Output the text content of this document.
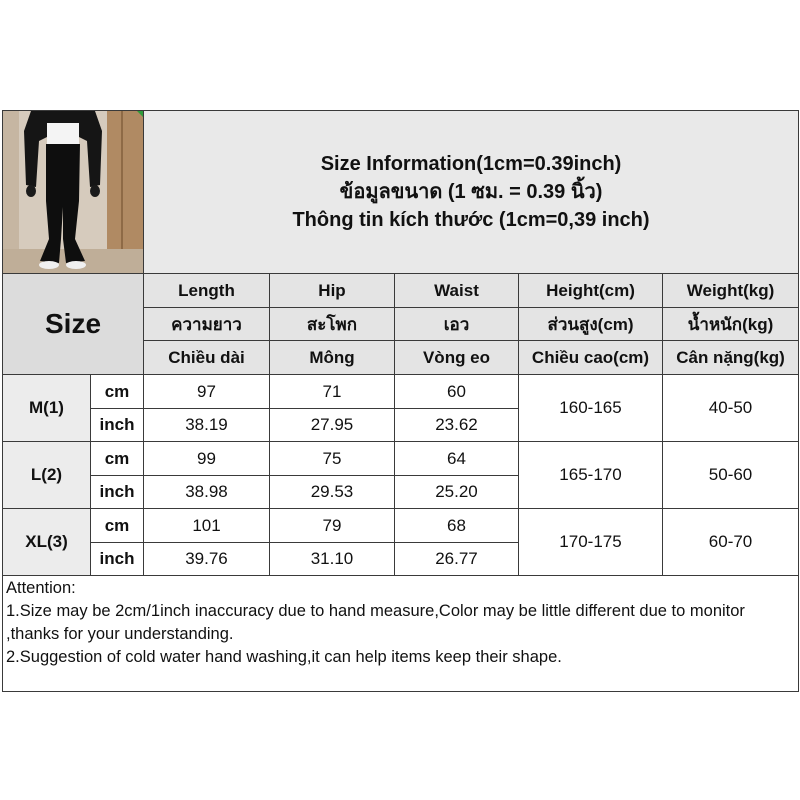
Size Information(1cm=0.39inch)
ข้อมูลขนาด (1 ซม. = 0.39 นิ้ว)
Thông tin kích thước (1cm=0,39 inch)				

Size		Length	Hip	Waist	Height(cm)	Weight(kg)
		ความยาว	สะโพก	เอว	ส่วนสูง(cm)	น้ำหนัก(kg)
		Chiều dài	Mông	Vòng eo	Chiều cao(cm)	Cân nặng(kg)
M(1)	cm	97	71	60	160-165	40-50
	inch	38.19	27.95	23.62		
L(2)	cm	99	75	64	165-170	50-60
	inch	38.98	29.53	25.20		
XL(3)	cm	101	79	68	170-175	60-70
	inch	39.76	31.10	26.77		

Attention:
1.Size may be 2cm/1inch inaccuracy due to hand measure,Color may be little different due to monitor
,thanks for your understanding.
2.Suggestion of cold water hand washing,it can help items keep their shape.						
